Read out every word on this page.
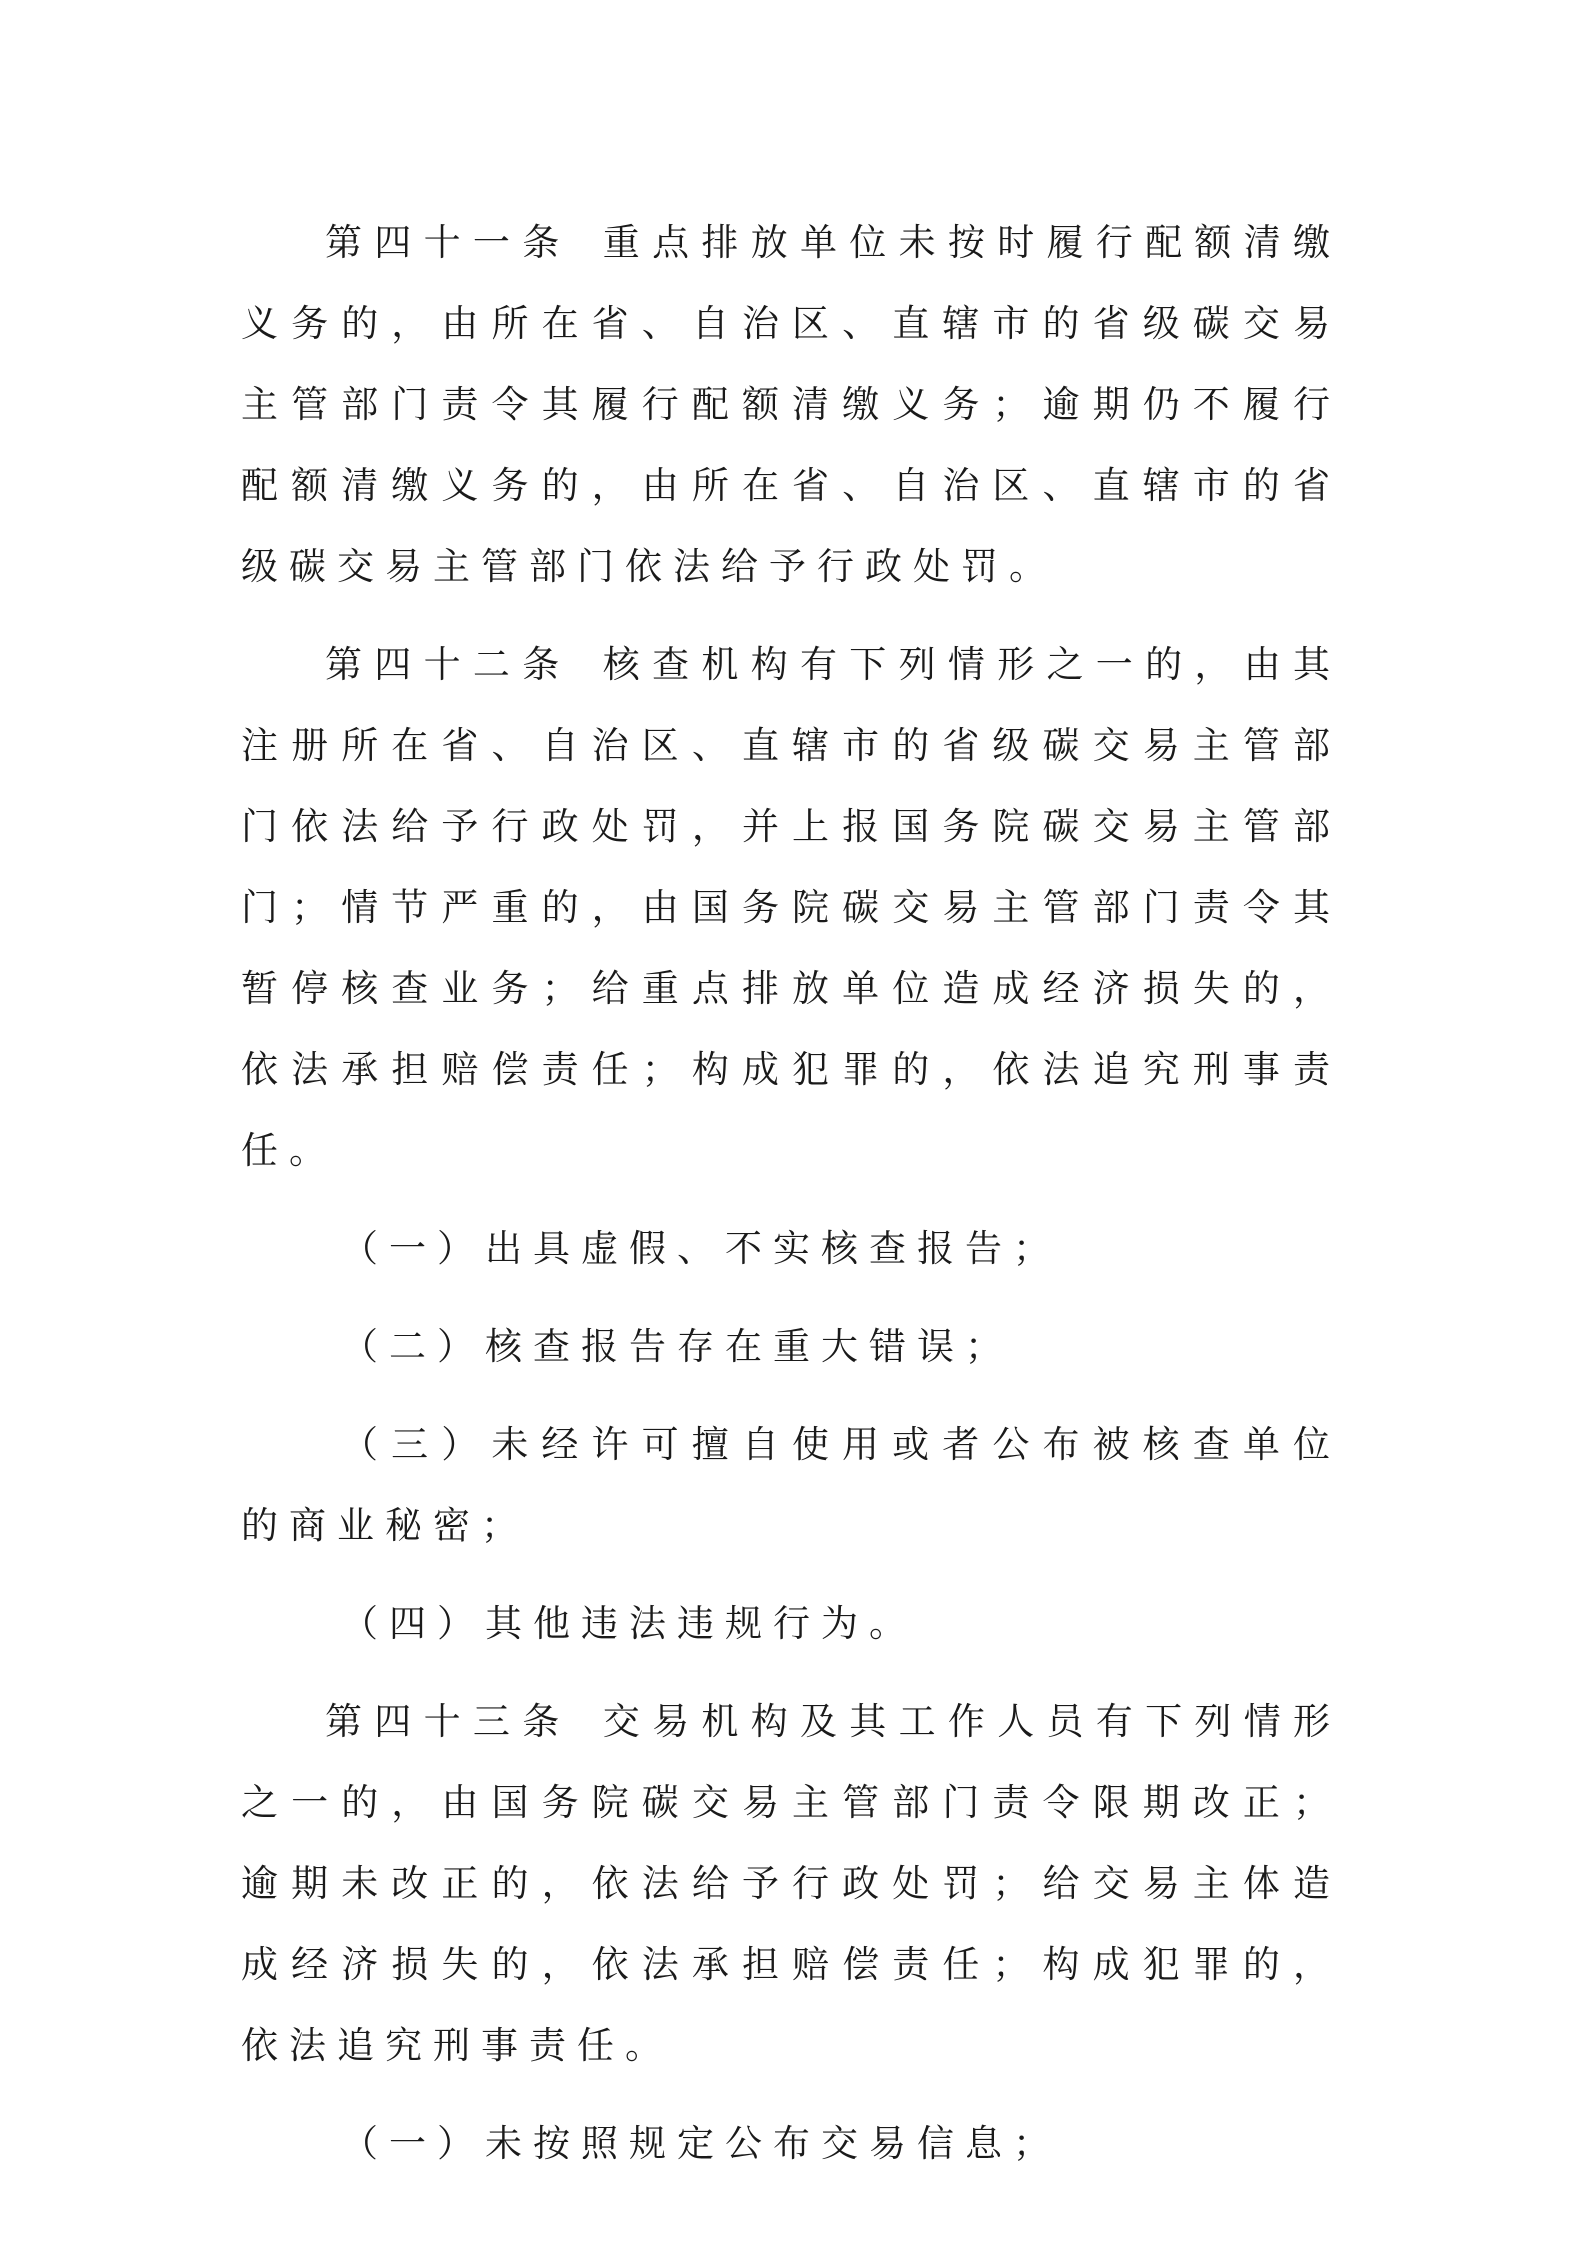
第四十一条 重点排放单位未按时履行配额清缴义务的，由所在省、自治区、直辖市的省级碳交易主管部门责令其履行配额清缴义务；逾期仍不履行配额清缴义务的，由所在省、自治区、直辖市的省级碳交易主管部门依法给予行政处罚。

第四十二条 核查机构有下列情形之一的，由其注册所在省、自治区、直辖市的省级碳交易主管部门依法给予行政处罚，并上报国务院碳交易主管部门；情节严重的，由国务院碳交易主管部门责令其暂停核查业务；给重点排放单位造成经济损失的，依法承担赔偿责任；构成犯罪的，依法追究刑事责任。

（一）出具虚假、不实核查报告；

（二）核查报告存在重大错误；

（三）未经许可擅自使用或者公布被核查单位的商业秘密；

（四）其他违法违规行为。

第四十三条 交易机构及其工作人员有下列情形之一的，由国务院碳交易主管部门责令限期改正；逾期未改正的，依法给予行政处罚；给交易主体造成经济损失的，依法承担赔偿责任；构成犯罪的，依法追究刑事责任。

（一）未按照规定公布交易信息；
